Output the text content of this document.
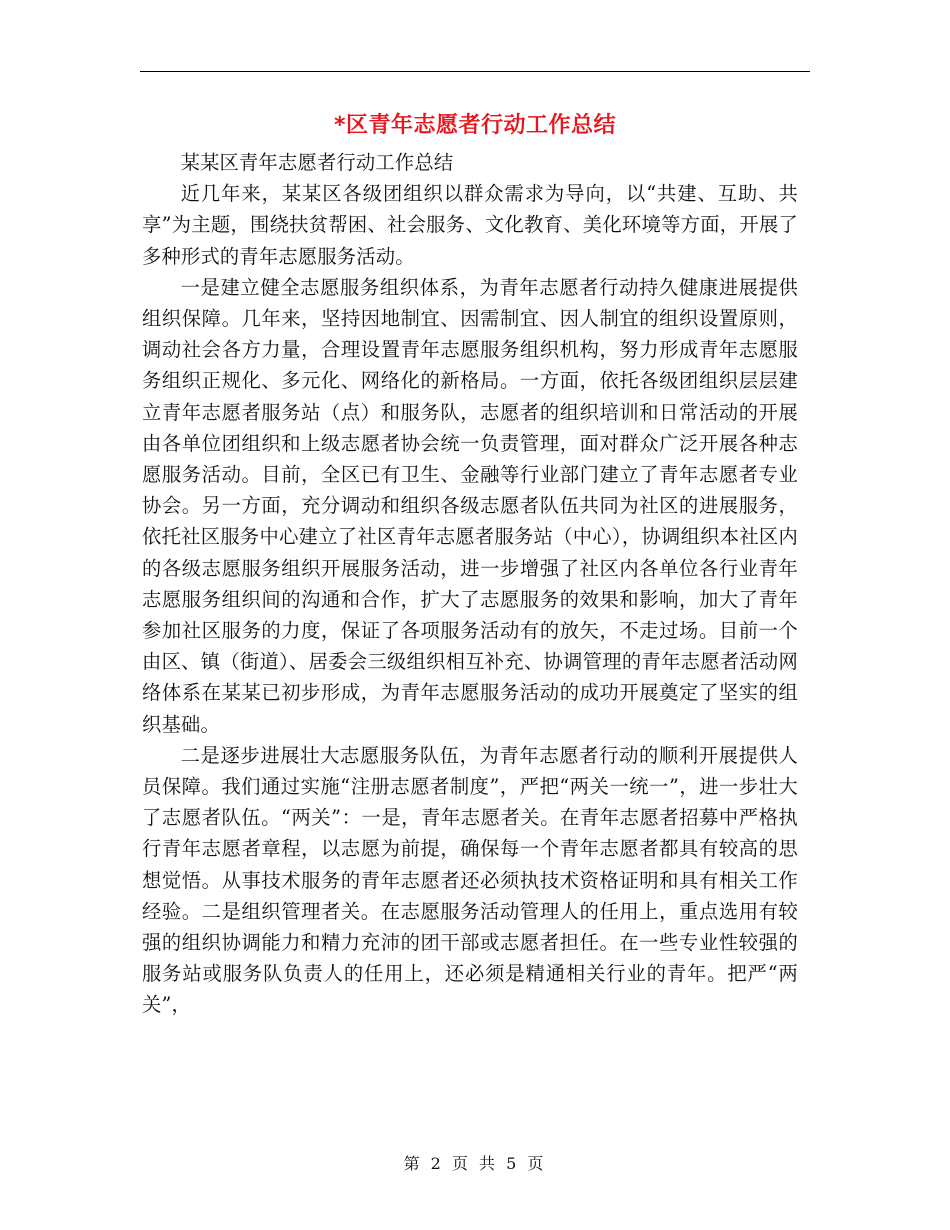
*区青年志愿者行动工作总结

某某区青年志愿者行动工作总结

近几年来，某某区各级团组织以群众需求为导向，以“共建、互助、共享”为主题，围绕扶贫帮困、社会服务、文化教育、美化环境等方面，开展了多种形式的青年志愿服务活动。

一是建立健全志愿服务组织体系，为青年志愿者行动持久健康进展提供组织保障。几年来，坚持因地制宜、因需制宜、因人制宜的组织设置原则，调动社会各方力量，合理设置青年志愿服务组织机构，努力形成青年志愿服务组织正规化、多元化、网络化的新格局。一方面，依托各级团组织层层建立青年志愿者服务站（点）和服务队，志愿者的组织培训和日常活动的开展由各单位团组织和上级志愿者协会统一负责管理，面对群众广泛开展各种志愿服务活动。目前，全区已有卫生、金融等行业部门建立了青年志愿者专业协会。另一方面，充分调动和组织各级志愿者队伍共同为社区的进展服务，依托社区服务中心建立了社区青年志愿者服务站（中心），协调组织本社区内的各级志愿服务组织开展服务活动，进一步增强了社区内各单位各行业青年志愿服务组织间的沟通和合作，扩大了志愿服务的效果和影响，加大了青年参加社区服务的力度，保证了各项服务活动有的放矢，不走过场。目前一个由区、镇（街道）、居委会三级组织相互补充、协调管理的青年志愿者活动网络体系在某某已初步形成，为青年志愿服务活动的成功开展奠定了坚实的组织基础。

二是逐步进展壮大志愿服务队伍，为青年志愿者行动的顺利开展提供人员保障。我们通过实施“注册志愿者制度”，严把“两关一统一”，进一步壮大了志愿者队伍。“两关”：一是，青年志愿者关。在青年志愿者招募中严格执行青年志愿者章程，以志愿为前提，确保每一个青年志愿者都具有较高的思想觉悟。从事技术服务的青年志愿者还必须执技术资格证明和具有相关工作经验。二是组织管理者关。在志愿服务活动管理人的任用上，重点选用有较强的组织协调能力和精力充沛的团干部或志愿者担任。在一些专业性较强的服务站或服务队负责人的任用上，还必须是精通相关行业的青年。把严“两关”，

第 2 页 共 5 页
